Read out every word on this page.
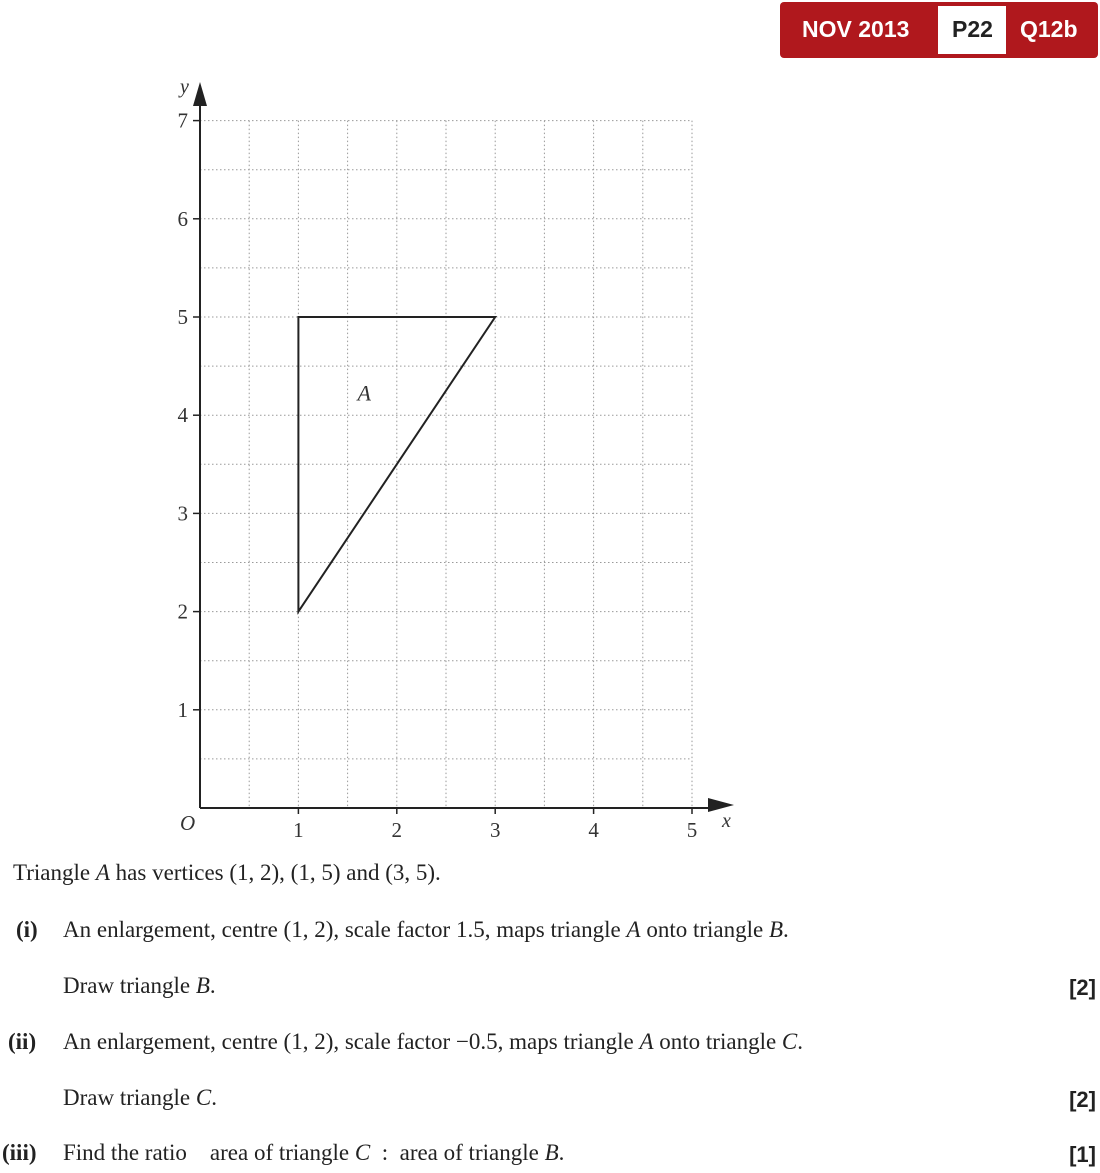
NOV 2013 P22 Q12b
1	2	3	4	5
1
2
3
4
5
6
7
y
x
O
A
Triangle A has vertices (1, 2), (1, 5) and (3, 5).
(i) An enlargement, centre (1, 2), scale factor 1.5, maps triangle A onto triangle B.
Draw triangle B.	[2]
(ii) An enlargement, centre (1, 2), scale factor −0.5, maps triangle A onto triangle C.
Draw triangle C.	[2]
(iii) Find the ratio    area of triangle C  :  area of triangle B.	[1]
